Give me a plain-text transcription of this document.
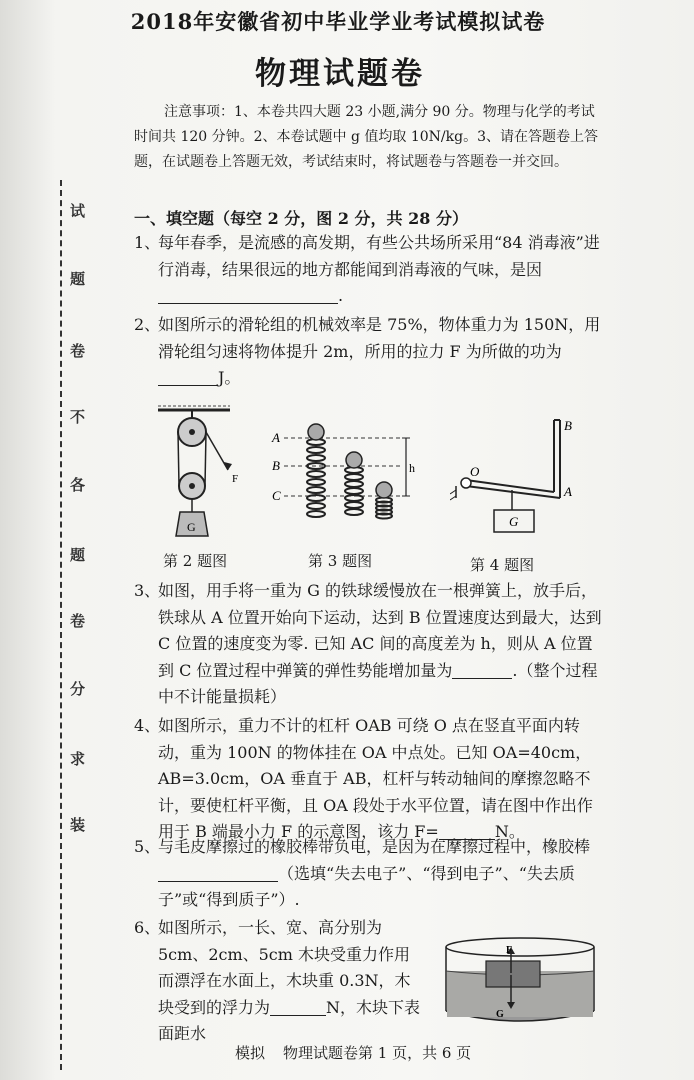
试
题
卷
不
各
题
卷
分
求
装
2018年安徽省初中毕业学业考试模拟试卷
物理试题卷
注意事项：1、本卷共四大题 23 小题,满分 90 分。物理与化学的考试时间共 120 分钟。2、本卷试题中 g 值均取 10N/kg。3、请在答题卷上答题，在试题卷上答题无效，考试结束时，将试题卷与答题卷一并交回。
一、填空题（每空 2 分，图 2 分，共 28 分）
1、
每年春季，是流感的高发期，有些公共场所采用“84 消毒液”进行消毒，结果很远的地方都能闻到消毒液的气味，是因.
2、
如图所示的滑轮组的机械效率是 75%，物体重力为 150N，用滑轮组匀速将物体提升 2m，所用的拉力 F 为所做的功为J。
F
G
A
B
C
h	O
A
B
G
第 2 题图	第 3 题图	第 4 题图
3、
如图，用手将一重为 G 的铁球缓慢放在一根弹簧上，放手后，铁球从 A 位置开始向下运动，达到 B 位置速度达到最大，达到 C 位置的速度变为零. 已知 AC 间的高度差为 h，则从 A 位置到 C 位置过程中弹簧的弹性势能增加量为	.（整个过程中不计能量损耗）
4、
如图所示，重力不计的杠杆 OAB 可绕 O 点在竖直平面内转动，重为 100N 的物体挂在 OA 中点处。已知 OA=40cm，AB=3.0cm，OA 垂直于 AB，杠杆与转动轴间的摩擦忽略不计，要使杠杆平衡，且 OA 段处于水平位置，请在图中作出作用于 B 端最小力 F 的示意图，该力 F=	N。
5、
与毛皮摩擦过的橡胶棒带负电，是因为在摩擦过程中，橡胶棒（选填“失去电子”、“得到电子”、“失去质子”或“得到质子”）.
6、
如图所示，一长、宽、高分别为 5cm、2cm、5cm 木块受重力作用而漂浮在水面上，木块重 0.3N，木块受到的浮力为	N，木块下表面距水
F
G
模拟 物理试题卷第 1 页，共 6 页
